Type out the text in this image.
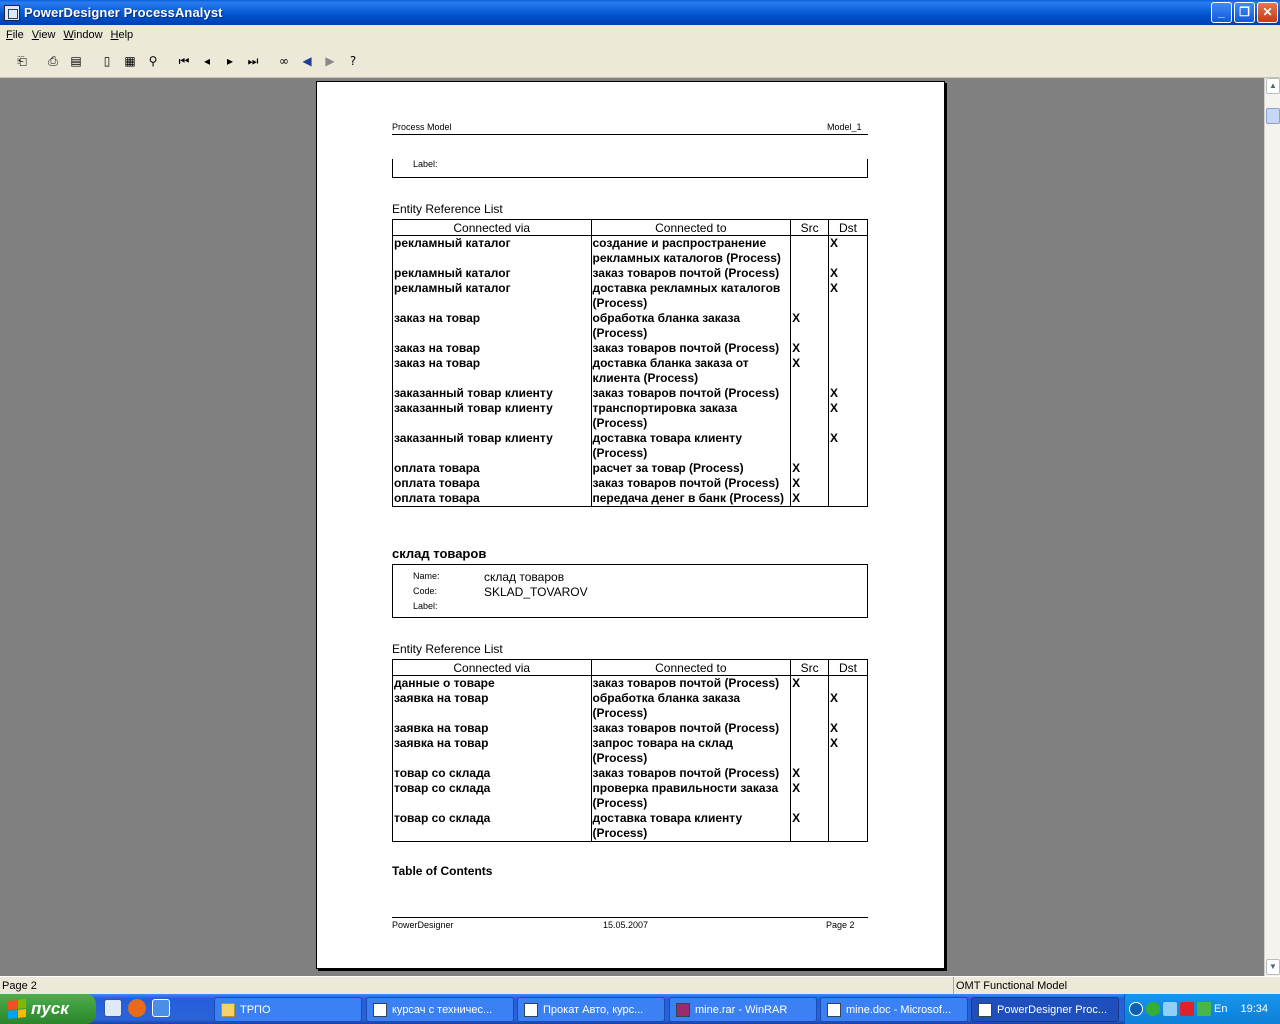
PowerDesigner ProcessAnalyst	_	❐	✕
File View Window Help
⎗	⎙	▤	▯	▦	⚲	⏮	◂	▸	⏭	∞	◀	▶	?
▲
▼
Process Model	Model_1
Label:
Entity Reference List
Connected via	Connected to	Src	Dst
рекламный каталог	создание и распространение рекламных каталогов (Process)		X
рекламный каталог	заказ товаров почтой (Process)		X
рекламный каталог	доставка рекламных каталогов (Process)		X
заказ на товар	обработка бланка заказа (Process)	X	
заказ на товар	заказ товаров почтой (Process)	X	
заказ на товар	доставка бланка заказа от клиента (Process)	X	
заказанный товар клиенту	заказ товаров почтой (Process)		X
заказанный товар клиенту	транспортировка заказа (Process)		X
заказанный товар клиенту	доставка товара клиенту (Process)		X
оплата товара	расчет за товар (Process)	X	
оплата товара	заказ товаров почтой (Process)	X	
оплата товара	передача денег в банк (Process)	X	
склад товаров
Name:	склад товаров
Code:	SKLAD_TOVAROV
Label:
Entity Reference List
Connected via	Connected to	Src	Dst
данные о товаре	заказ товаров почтой (Process)	X	
заявка на товар	обработка бланка заказа (Process)		X
заявка на товар	заказ товаров почтой (Process)		X
заявка на товар	запрос товара на склад (Process)		X
товар со склада	заказ товаров почтой (Process)	X	
товар со склада	проверка правильности заказа (Process)	X	
товар со склада	доставка товара клиенту (Process)	X	
Table of Contents
PowerDesigner	15.05.2007	Page 2
Page 2	OMT Functional Model
пуск	ТРПО	курсач с техничес...	Прокат Авто, курс...	mine.rar - WinRAR	mine.doc - Microsof...	PowerDesigner Proc...	En 19:34
